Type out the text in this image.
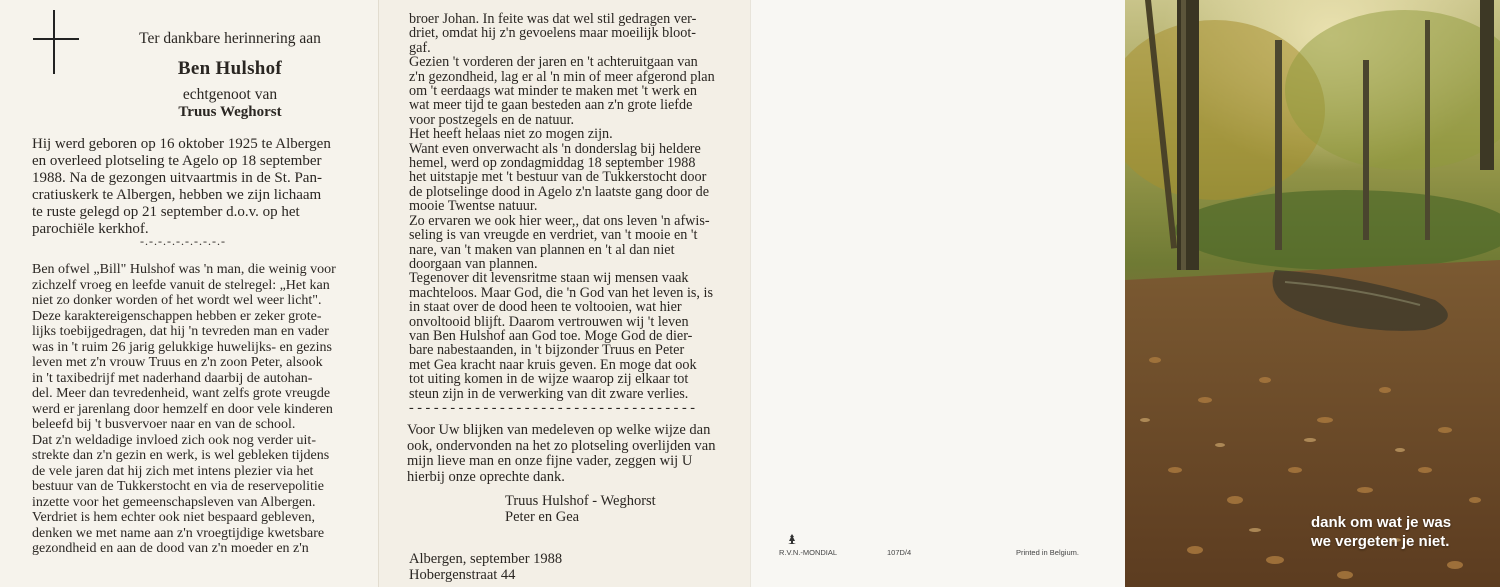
Ter dankbare herinnering aan

Ben Hulshof

echtgenoot van

Truus Weghorst

Hij werd geboren op 16 oktober 1925 te Albergen
en overleed plotseling te Agelo op 18 september
1988. Na de gezongen uitvaartmis in de St. Pan-
cratiuskerk te Albergen, hebben we zijn lichaam
te ruste gelegd op 21 september d.o.v. op het
parochiële kerkhof.

-.-.-.-.-.-.-.-.-.-

Ben ofwel „Bill" Hulshof was 'n man, die weinig voor
zichzelf vroeg en leefde vanuit de stelregel: „Het kan
niet zo donker worden of het wordt wel weer licht".
Deze karaktereigenschappen hebben er zeker grote-
lijks toebijgedragen, dat hij 'n tevreden man en vader
was in 't ruim 26 jarig gelukkige huwelijks- en gezins
leven met z'n vrouw Truus en z'n zoon Peter, alsook
in 't taxibedrijf met naderhand daarbij de autohan-
del. Meer dan tevredenheid, want zelfs grote vreugde
werd er jarenlang door hemzelf en door vele kinderen
beleefd bij 't busvervoer naar en van de school.
Dat z'n weldadige invloed zich ook nog verder uit-
strekte dan z'n gezin en werk, is wel gebleken tijdens
de vele jaren dat hij zich met intens plezier via het
bestuur van de Tukkerstocht en via de reservepolitie
inzette voor het gemeenschapsleven van Albergen.
Verdriet is hem echter ook niet bespaard gebleven,
denken we met name aan z'n vroegtijdige kwetsbare
gezondheid en aan de dood van z'n moeder en z'n

broer Johan. In feite was dat wel stil gedragen ver-
driet, omdat hij z'n gevoelens maar moeilijk bloot-
gaf.
Gezien 't vorderen der jaren en 't achteruitgaan van
z'n gezondheid, lag er al 'n min of meer afgerond plan
om 't eerdaags wat minder te maken met 't werk en
wat meer tijd te gaan besteden aan z'n grote liefde
voor postzegels en de natuur.
Het heeft helaas niet zo mogen zijn.
Want even onverwacht als 'n donderslag bij heldere
hemel, werd op zondagmiddag 18 september 1988
het uitstapje met 't bestuur van de Tukkerstocht door
de plotselinge dood in Agelo z'n laatste gang door de
mooie Twentse natuur.
Zo ervaren we ook hier weer,, dat ons leven 'n afwis-
seling is van vreugde en verdriet, van 't mooie en 't
nare, van 't maken van plannen en 't al dan niet
doorgaan van plannen.
Tegenover dit levensritme staan wij mensen vaak
machteloos. Maar God, die 'n God van het leven is, is
in staat over de dood heen te voltooien, wat hier
onvoltooid blijft. Daarom vertrouwen wij 't leven
van Ben Hulshof aan God toe. Moge God de dier-
bare nabestaanden, in 't bijzonder Truus en Peter
met Gea kracht naar kruis geven. En moge dat ook
tot uiting komen in de wijze waarop zij elkaar tot
steun zijn in de verwerking van dit zware verlies.
- - - - - - - - - - - - - - - - - - - - - - - - - - - - - - - - - - -

Voor Uw blijken van medeleven op welke wijze dan
ook, ondervonden na het zo plotseling overlijden van
mijn lieve man en onze fijne vader, zeggen wij U
hierbij onze oprechte dank.

Truus Hulshof - Weghorst

Peter en Gea

Albergen, september 1988

Hobergenstraat 44

R.V.N.-MONDIAL	107D/4	Printed in Belgium.

dank om wat je was

we vergeten je niet.
